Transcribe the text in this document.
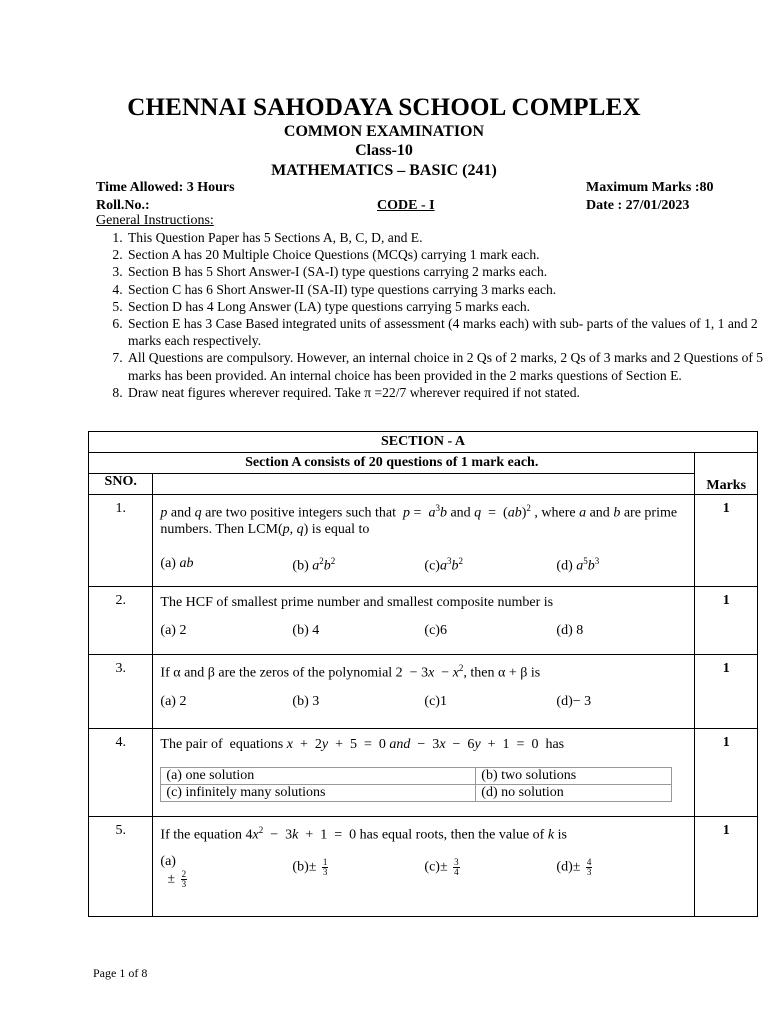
CHENNAI SAHODAYA SCHOOL COMPLEX
COMMON EXAMINATION
Class-10
MATHEMATICS – BASIC (241)
Time Allowed: 3 Hours	Maximum Marks :80
Roll.No.:	CODE - I	Date : 27/01/2023
General Instructions:
1. This Question Paper has 5 Sections A, B, C, D, and E.
2. Section A has 20 Multiple Choice Questions (MCQs) carrying 1 mark each.
3. Section B has 5 Short Answer-I (SA-I) type questions carrying 2 marks each.
4. Section C has 6 Short Answer-II (SA-II) type questions carrying 3 marks each.
5. Section D has 4 Long Answer (LA) type questions carrying 5 marks each.
6. Section E has 3 Case Based integrated units of assessment (4 marks each) with sub- parts of the values of 1, 1 and 2 marks each respectively.
7. All Questions are compulsory. However, an internal choice in 2 Qs of 2 marks, 2 Qs of 3 marks and 2 Questions of 5 marks has been provided. An internal choice has been provided in the 2 marks questions of Section E.
8. Draw neat figures wherever required. Take π =22/7 wherever required if not stated.
SECTION - A
Section A consists of 20 questions of 1 mark each.	Marks
SNO.	
1.	p and q are two positive integers such that  $p = a^3b$ and q  =  (ab)$^2$ , where a and b are prime numbers. Then LCM(p, q) is equal to
(a) ab	(b) $a^2b^2$	$(c)a^3b^2$	(d) $a^5b^3$
	1
2.	The HCF of smallest prime number and smallest composite number is
(a) 2	(b) 4	(c)6	(d) 8
	1
3.	If α and β are the zeros of the polynomial $2 - 3x - x^2$, then α + β is
(a) 2	(b) 3	(c)1	(d)− 3
	1
4.	The pair of  equations x  +  2y  +  5  =  0 and  −  3x  −  6y  +  1  =  0  has
(a) one solution	(b) two solutions
(c) infinitely many solutions	(d) no solution
	1
5.	If the equation $4x^2 - 3k + 1 = 0$ has equal roots, then the value of k is
(a)
± $\frac{2}{3}$
$(b)\pm \frac{1}{3}$	$(c)\pm \frac{3}{4}$	$(d)\pm \frac{4}{3}$
	1
Page 1 of 8
